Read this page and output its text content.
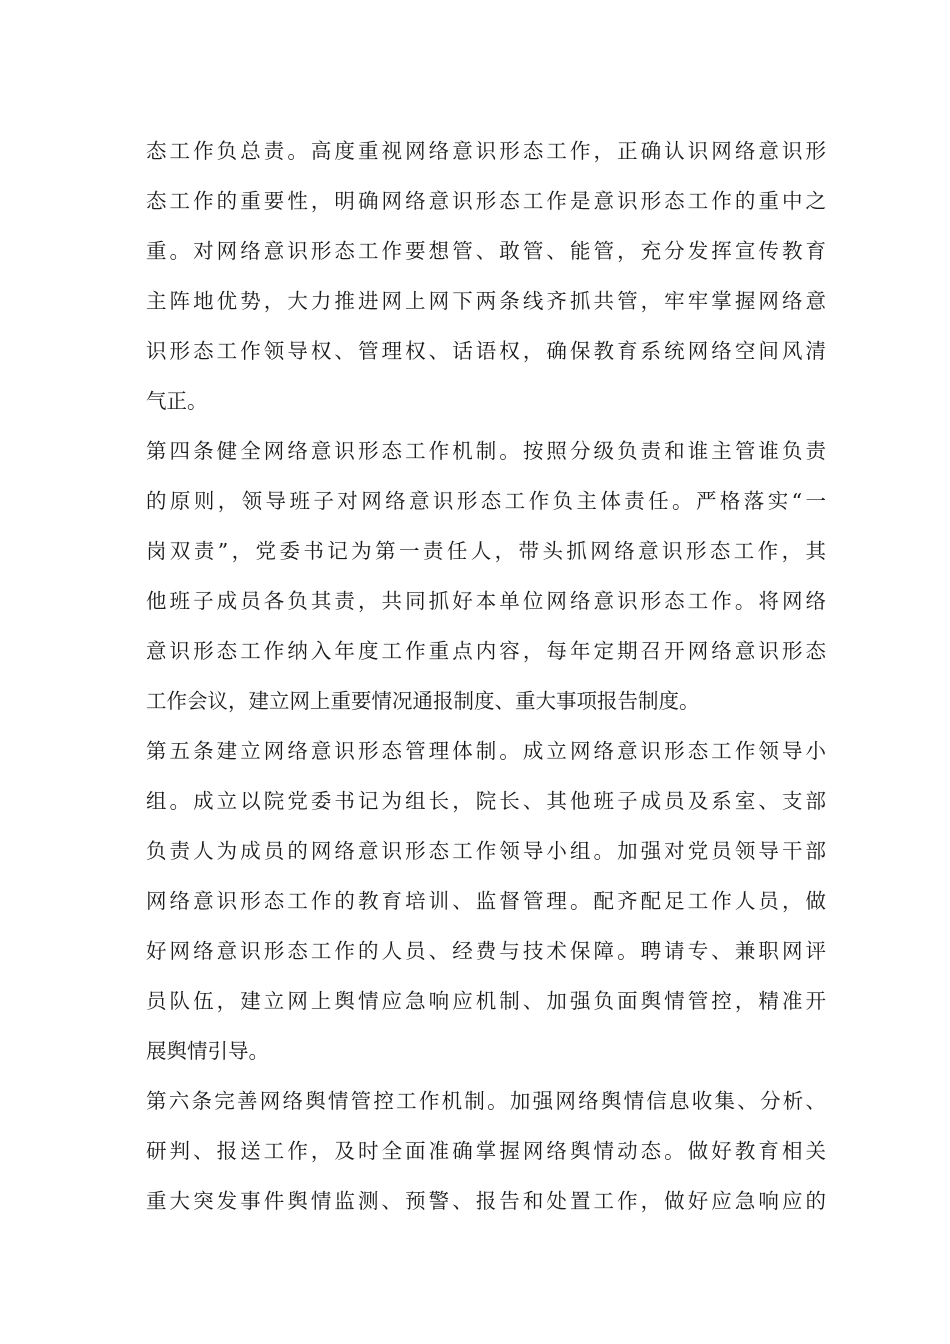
态工作负总责。高度重视网络意识形态工作，正确认识网络意识形
态工作的重要性，明确网络意识形态工作是意识形态工作的重中之
重。对网络意识形态工作要想管、敢管、能管，充分发挥宣传教育
主阵地优势，大力推进网上网下两条线齐抓共管，牢牢掌握网络意
识形态工作领导权、管理权、话语权，确保教育系统网络空间风清
气正。
第四条健全网络意识形态工作机制。按照分级负责和谁主管谁负责
的原则，领导班子对网络意识形态工作负主体责任。严格落实“一
岗双责”，党委书记为第一责任人，带头抓网络意识形态工作，其
他班子成员各负其责，共同抓好本单位网络意识形态工作。将网络
意识形态工作纳入年度工作重点内容，每年定期召开网络意识形态
工作会议，建立网上重要情况通报制度、重大事项报告制度。
第五条建立网络意识形态管理体制。成立网络意识形态工作领导小
组。成立以院党委书记为组长，院长、其他班子成员及系室、支部
负责人为成员的网络意识形态工作领导小组。加强对党员领导干部
网络意识形态工作的教育培训、监督管理。配齐配足工作人员，做
好网络意识形态工作的人员、经费与技术保障。聘请专、兼职网评
员队伍，建立网上舆情应急响应机制、加强负面舆情管控，精准开
展舆情引导。
第六条完善网络舆情管控工作机制。加强网络舆情信息收集、分析、
研判、报送工作，及时全面准确掌握网络舆情动态。做好教育相关
重大突发事件舆情监测、预警、报告和处置工作，做好应急响应的
